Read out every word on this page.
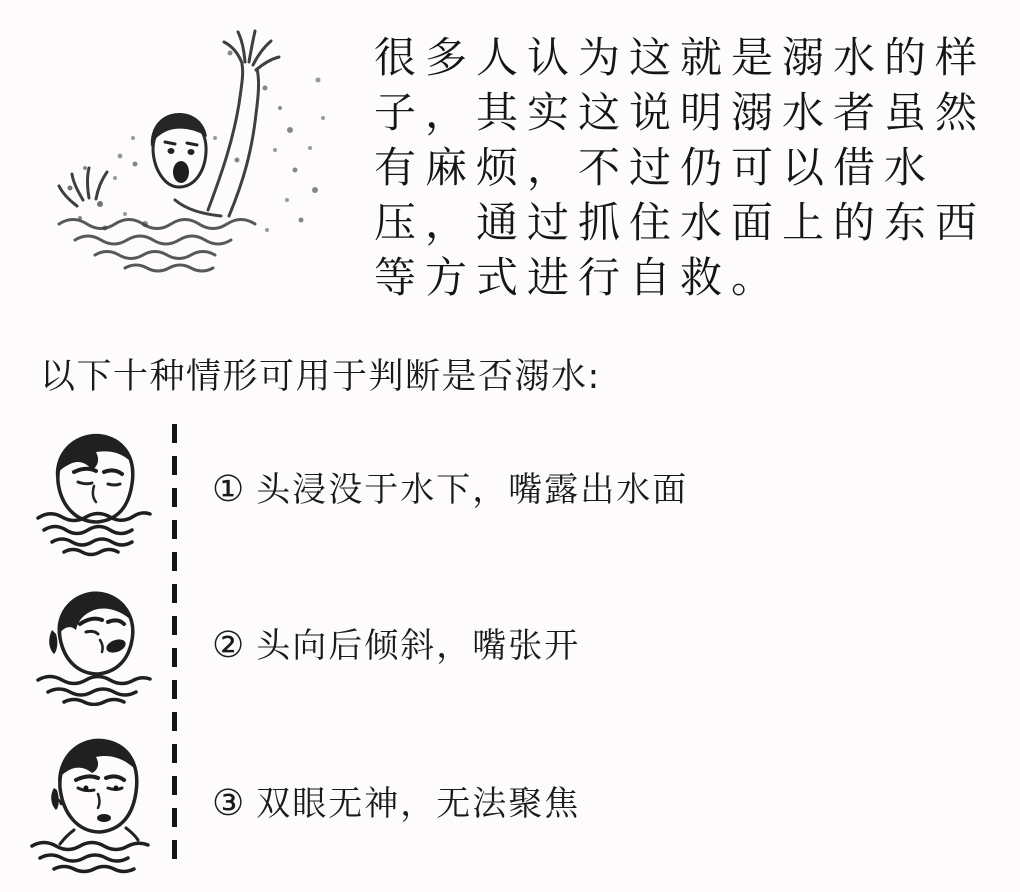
很多人认为这就是溺水的样子，其实这说明溺水者虽然有麻烦，不过仍可以借水压，通过抓住水面上的东西等方式进行自救。
以下十种情形可用于判断是否溺水:
① 头浸没于水下，嘴露出水面
② 头向后倾斜，嘴张开
③ 双眼无神，无法聚焦
